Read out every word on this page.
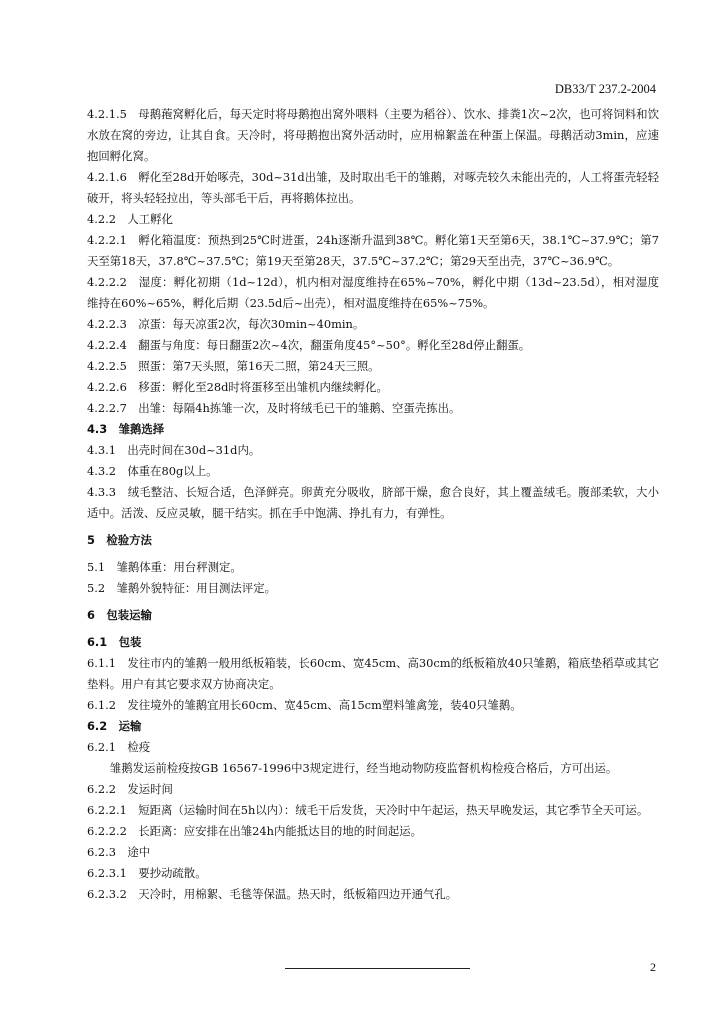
DB33/T 237.2-2004

4.2.1.5　母鹅菢窝孵化后，每天定时将母鹅抱出窝外喂料（主要为稻谷）、饮水、排粪1次~2次，也可将饲料和饮水放在窝的旁边，让其自食。天冷时，将母鹅抱出窝外活动时，应用棉絮盖在种蛋上保温。母鹅活动3min，应速抱回孵化窝。

4.2.1.6　孵化至28d开始啄壳，30d~31d出雏，及时取出毛干的雏鹅，对啄壳较久未能出壳的，人工将蛋壳轻轻破开，将头轻轻拉出，等头部毛干后，再将鹅体拉出。

4.2.2　人工孵化

4.2.2.1　孵化箱温度：预热到25℃时进蛋，24h逐渐升温到38℃。孵化第1天至第6天，38.1℃~37.9℃；第7天至第18天，37.8℃~37.5℃；第19天至第28天，37.5℃~37.2℃；第29天至出壳，37℃~36.9℃。

4.2.2.2　湿度：孵化初期（1d~12d），机内相对湿度维持在65%~70%，孵化中期（13d~23.5d），相对湿度维持在60%~65%，孵化后期（23.5d后~出壳），相对温度维持在65%~75%。

4.2.2.3　凉蛋：每天凉蛋2次，每次30min~40min。

4.2.2.4　翻蛋与角度：每日翻蛋2次~4次，翻蛋角度45°~50°。孵化至28d停止翻蛋。

4.2.2.5　照蛋：第7天头照，第16天二照，第24天三照。

4.2.2.6　移蛋：孵化至28d时将蛋移至出雏机内继续孵化。

4.2.2.7　出雏：每隔4h拣雏一次，及时将绒毛已干的雏鹅、空蛋壳拣出。

4.3　雏鹅选择

4.3.1　出壳时间在30d~31d内。

4.3.2　体重在80g以上。

4.3.3　绒毛整洁、长短合适，色泽鲜亮。卵黄充分吸收，脐部干燥，愈合良好，其上覆盖绒毛。腹部柔软，大小适中。活泼、反应灵敏，腿干结实。抓在手中饱满、挣扎有力，有弹性。

5　检验方法

5.1　雏鹅体重：用台秤测定。

5.2　雏鹅外貌特征：用目测法评定。

6　包装运输

6.1　包装

6.1.1　发往市内的雏鹅一般用纸板箱装，长60cm、宽45cm、高30cm的纸板箱放40只雏鹅，箱底垫稻草或其它垫料。用户有其它要求双方协商决定。

6.1.2　发往境外的雏鹅宜用长60cm、宽45cm、高15cm塑料雏禽笼，装40只雏鹅。

6.2　运输

6.2.1　检疫

雏鹅发运前检疫按GB 16567-1996中3规定进行，经当地动物防疫监督机构检疫合格后，方可出运。

6.2.2　发运时间

6.2.2.1　短距离（运输时间在5h以内）：绒毛干后发货，天冷时中午起运，热天早晚发运，其它季节全天可运。

6.2.2.2　长距离：应安排在出雏24h内能抵达目的地的时间起运。

6.2.3　途中

6.2.3.1　要抄动疏散。

6.2.3.2　天冷时，用棉絮、毛毯等保温。热天时，纸板箱四边开通气孔。

2
